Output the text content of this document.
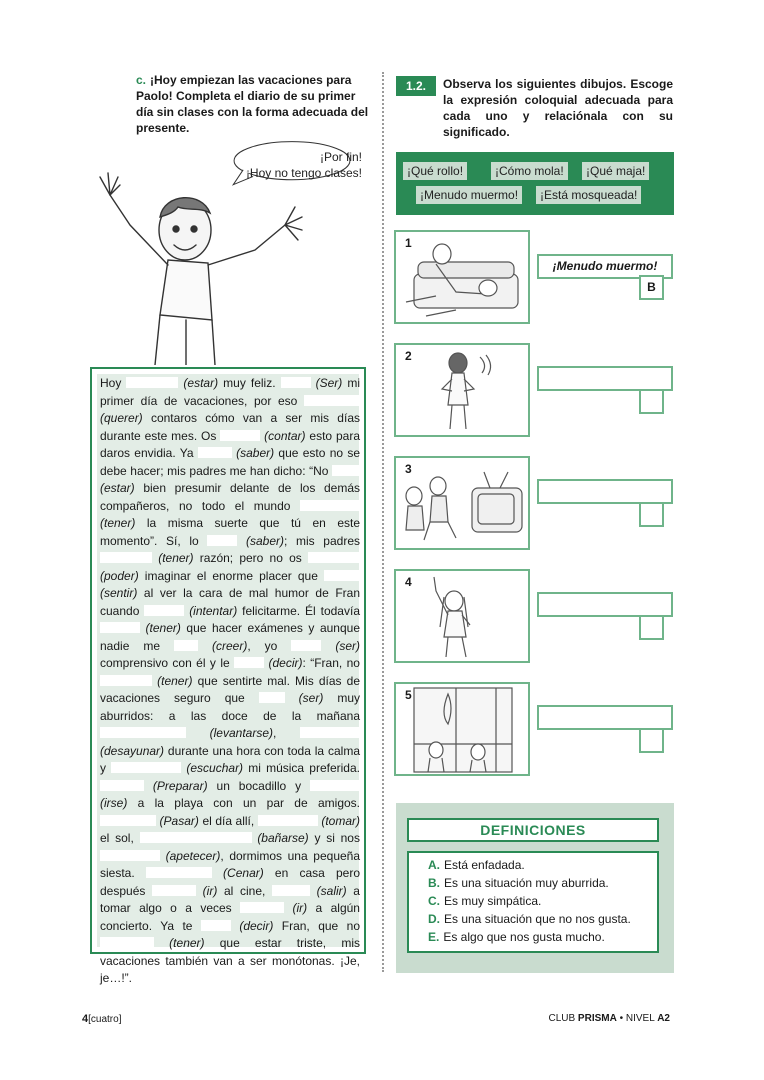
c. ¡Hoy empiezan las vacaciones para Paolo! Completa el diario de su primer día sin clases con la forma adecuada del presente.
¡Por fin!
¡Hoy no tengo clases!
Hoy	(estar) muy feliz.	(Ser) mi primer día de vacaciones, por eso  (querer) contaros cómo van a ser mis días durante este mes. Os	(contar) esto para daros envidia. Ya	(saber) que esto no se debe hacer; mis padres me han dicho: “No  (estar) bien presumir delante de los demás compañeros, no todo el mundo  (tener) la misma suerte que tú en este momento”. Sí, lo	(saber); mis padres  (tener) razón; pero no os  (poder) imaginar el enorme placer que  (sentir) al ver la cara de mal humor de Fran cuando	(intentar) felicitarme. Él todavía  (tener) que hacer exámenes y aunque nadie me  (creer), yo	(ser) comprensivo con él y le	(decir): “Fran, no  (tener) que sentirte mal. Mis días de vacaciones seguro que  (ser) muy aburridos: a las doce de la mañana  (levantarse),  (desayunar) durante una hora con toda la calma y	(escuchar) mi música preferida.  (Preparar) un bocadillo y  (irse) a la playa con un par de amigos.  (Pasar) el día allí,	(tomar) el sol,	(bañarse) y si nos  (apetecer), dormimos una pequeña siesta.	(Cenar) en casa pero después	(ir) al cine,	(salir) a tomar algo o a veces	(ir) a algún concierto. Ya te	(decir) Fran, que no  (tener) que estar triste, mis vacaciones también van a ser monótonas. ¡Je, je…!”.
1.2.	Observa los siguientes dibujos. Escoge la expresión coloquial adecuada para cada uno y relaciónala con su significado.
¡Qué rollo!	¡Cómo mola!	¡Qué maja!
¡Menudo muermo!	¡Está mosqueada!
1
¡Menudo muermo!
B
2
3
4
5
DEFINICIONES
A. Está enfadada.
B. Es una situación muy aburrida.
C. Es muy simpática.
D. Es una situación que no nos gusta.
E. Es algo que nos gusta mucho.
4[cuatro]	CLUB PRISMA • NIVEL A2
